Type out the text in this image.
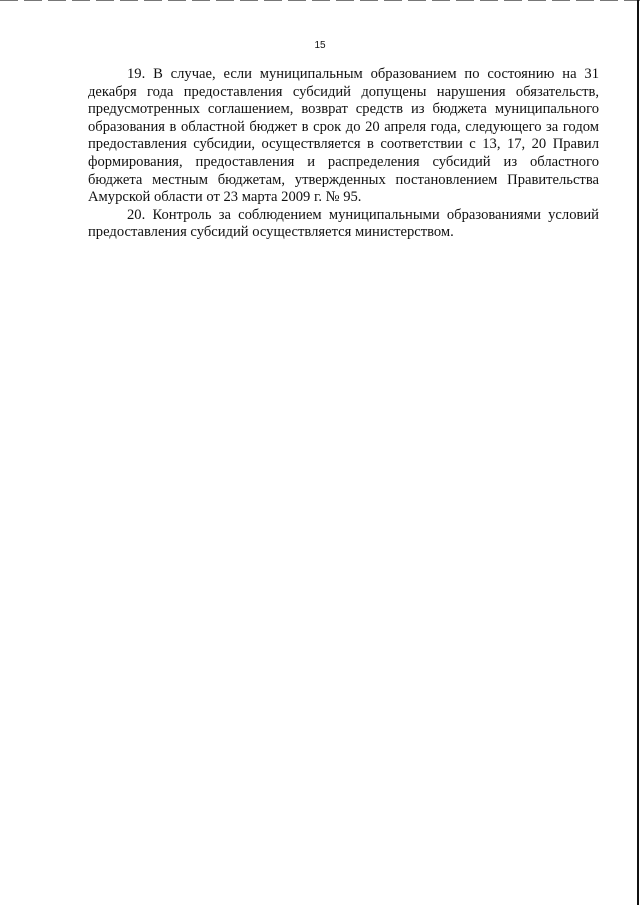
15

19. В случае, если муниципальным образованием по состоянию на 31 декабря года предоставления субсидий допущены нарушения обязательств, предусмотренных соглашением, возврат средств из бюджета муниципального образования в областной бюджет в срок до 20 апреля года, следующего за годом предоставления субсидии, осуществляется в соответствии с 13, 17, 20 Правил формирования, предоставления и распределения субсидий из областного бюджета местным бюджетам, утвержденных постановлением Правительства Амурской области от 23 марта 2009 г. № 95.

20. Контроль за соблюдением муниципальными образованиями условий предоставления субсидий осуществляется министерством.
